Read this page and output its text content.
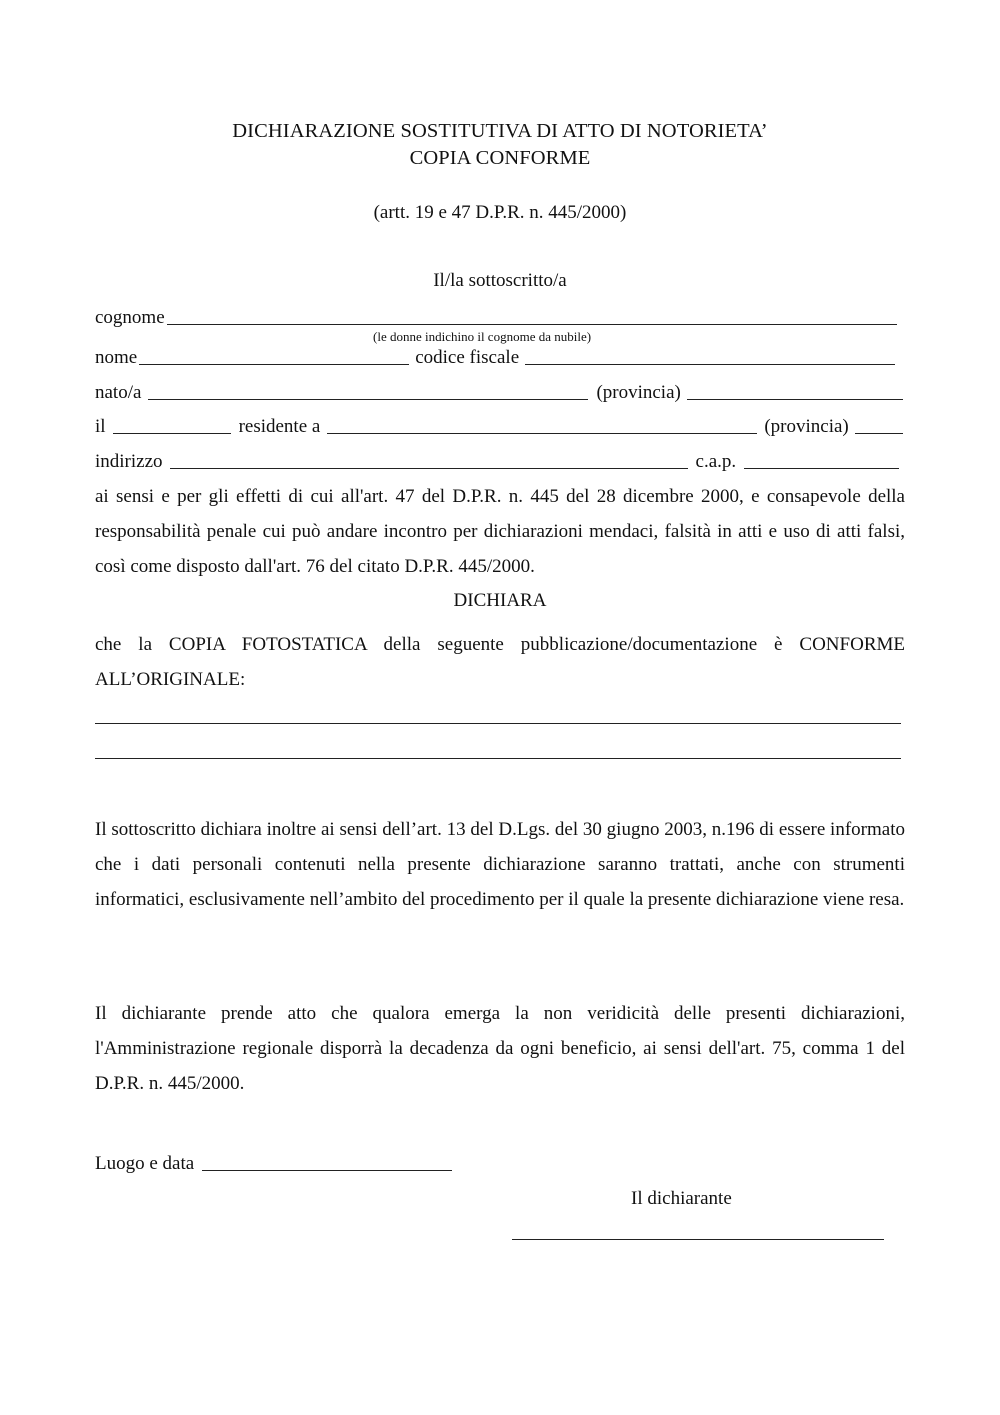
DICHIARAZIONE SOSTITUTIVA DI ATTO DI NOTORIETA’
COPIA CONFORME
(artt. 19 e 47 D.P.R. n. 445/2000)
Il/la sottoscritto/a
cognome
(le donne indichino il cognome da nubile)
nome	codice fiscale
nato/a	(provincia)
il	residente a	(provincia)
indirizzo	c.a.p.
ai sensi e per gli effetti di cui all'art. 47 del D.P.R. n. 445 del 28 dicembre 2000, e consapevole della responsabilità penale cui può andare incontro per dichiarazioni mendaci, falsità in atti e uso di atti falsi, così come disposto dall'art. 76 del citato D.P.R. 445/2000.
DICHIARA
che la COPIA FOTOSTATICA della seguente pubblicazione/documentazione è CONFORME ALL’ORIGINALE:
Il sottoscritto dichiara inoltre ai sensi dell’art. 13 del D.Lgs. del 30 giugno 2003, n.196 di essere informato che i dati personali contenuti nella presente dichiarazione saranno trattati, anche con strumenti informatici, esclusivamente nell’ambito del procedimento per il quale la presente dichiarazione viene resa.
Il dichiarante prende atto che qualora emerga la non veridicità delle presenti dichiarazioni, l'Amministrazione regionale disporrà la decadenza da ogni beneficio, ai sensi dell'art. 75, comma 1 del D.P.R. n. 445/2000.
Luogo e data
Il dichiarante
